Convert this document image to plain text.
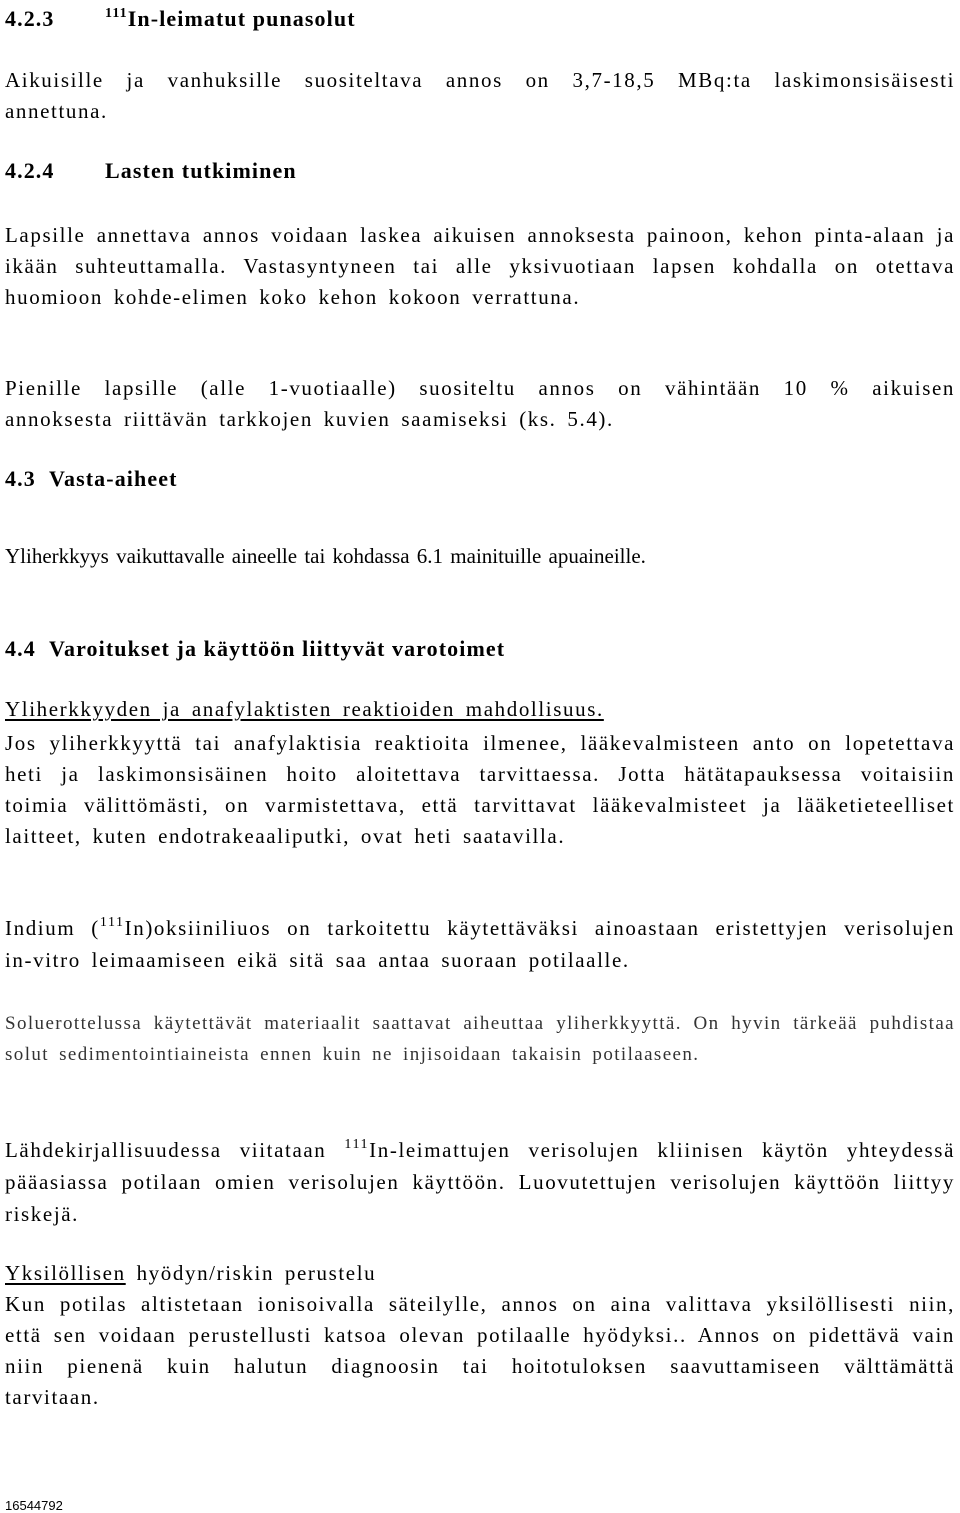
4.2.3	$^{111}$In-leimatut punasolut

Aikuisille ja vanhuksille suositeltava annos on 3,7-18,5 MBq:ta laskimonsisäisesti annettuna.

4.2.4 Lasten tutkiminen

Lapsille annettava annos voidaan laskea aikuisen annoksesta painoon, kehon pinta-alaan ja ikään suhteuttamalla. Vastasyntyneen tai alle yksivuotiaan lapsen kohdalla on otettava huomioon kohde-elimen koko kehon kokoon verrattuna.

Pienille lapsille (alle 1-vuotiaalle) suositeltu annos on vähintään 10 % aikuisen annoksesta riittävän tarkkojen kuvien saamiseksi (ks. 5.4).

4.3 Vasta-aiheet

Yliherkkyys vaikuttavalle aineelle tai kohdassa 6.1 mainituille apuaineille.

4.4 Varoitukset ja käyttöön liittyvät varotoimet

Yliherkkyyden ja anafylaktisten reaktioiden mahdollisuus.

Jos yliherkkyyttä tai anafylaktisia reaktioita ilmenee, lääkevalmisteen anto on lopetettava heti ja laskimonsisäinen hoito aloitettava tarvittaessa. Jotta hätätapauksessa voitaisiin toimia välittömästi, on varmistettava, että tarvittavat lääkevalmisteet ja lääketieteelliset laitteet, kuten endotrakeaaliputki, ovat heti saatavilla.

Indium ($^{111}$In)oksiiniliuos on tarkoitettu käytettäväksi ainoastaan eristettyjen verisolujen in-vitro leimaamiseen eikä sitä saa antaa suoraan potilaalle.

Soluerottelussa käytettävät materiaalit saattavat aiheuttaa yliherkkyyttä. On hyvin tärkeää puhdistaa solut sedimentointiaineista ennen kuin ne injisoidaan takaisin potilaaseen.

Lähdekirjallisuudessa viitataan $^{111}$In-leimattujen verisolujen kliinisen käytön yhteydessä pääasiassa potilaan omien verisolujen käyttöön. Luovutettujen verisolujen käyttöön liittyy riskejä.

Yksilöllisen hyödyn/riskin perustelu

Kun potilas altistetaan ionisoivalla säteilylle, annos on aina valittava yksilöllisesti niin, että sen voidaan perustellusti katsoa olevan potilaalle hyödyksi.. Annos on pidettävä vain niin pienenä kuin halutun diagnoosin tai hoitotuloksen saavuttamiseen välttämättä tarvitaan.

16544792
